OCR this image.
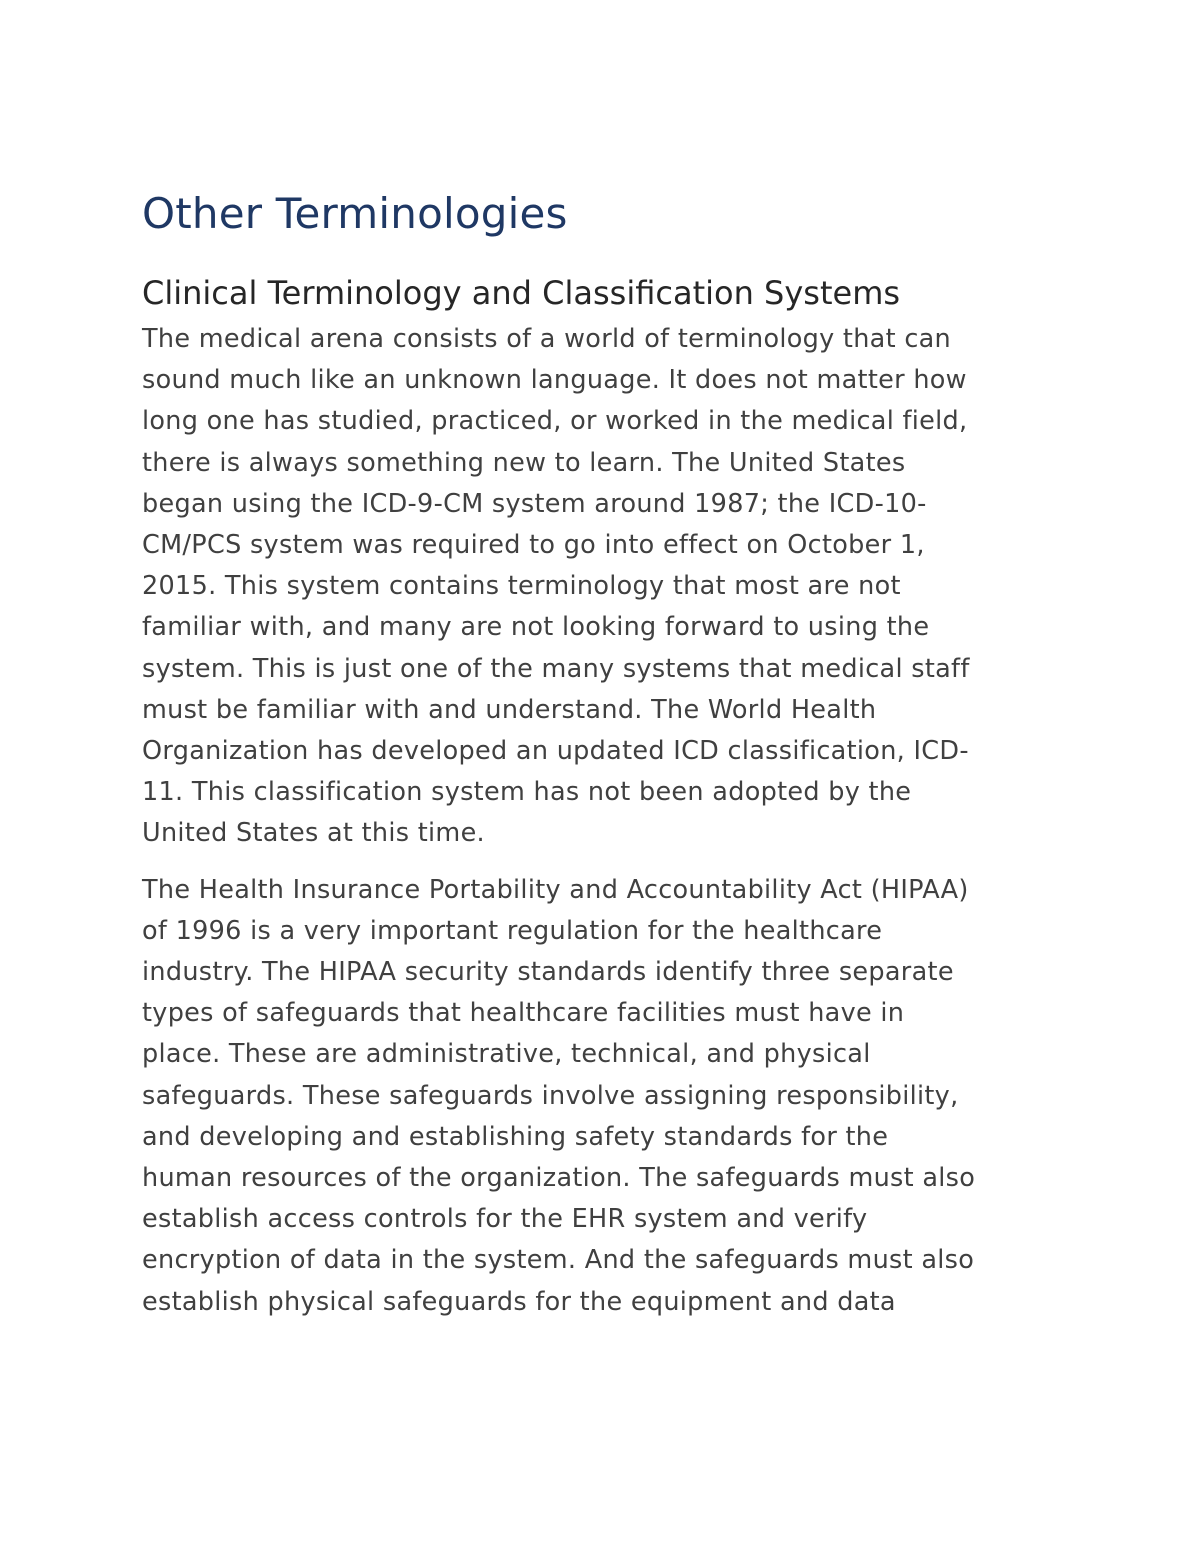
Other Terminologies
Clinical Terminology and Classification Systems

The medical arena consists of a world of terminology that can
sound much like an unknown language. It does not matter how
long one has studied, practiced, or worked in the medical field,
there is always something new to learn. The United States
began using the ICD-9-CM system around 1987; the ICD-10-
CM/PCS system was required to go into effect on October 1,
2015. This system contains terminology that most are not
familiar with, and many are not looking forward to using the
system. This is just one of the many systems that medical staff
must be familiar with and understand. The World Health
Organization has developed an updated ICD classification, ICD-
11. This classification system has not been adopted by the
United States at this time.

The Health Insurance Portability and Accountability Act (HIPAA)
of 1996 is a very important regulation for the healthcare
industry. The HIPAA security standards identify three separate
types of safeguards that healthcare facilities must have in
place. These are administrative, technical, and physical
safeguards. These safeguards involve assigning responsibility,
and developing and establishing safety standards for the
human resources of the organization. The safeguards must also
establish access controls for the EHR system and verify
encryption of data in the system. And the safeguards must also
establish physical safeguards for the equipment and data
